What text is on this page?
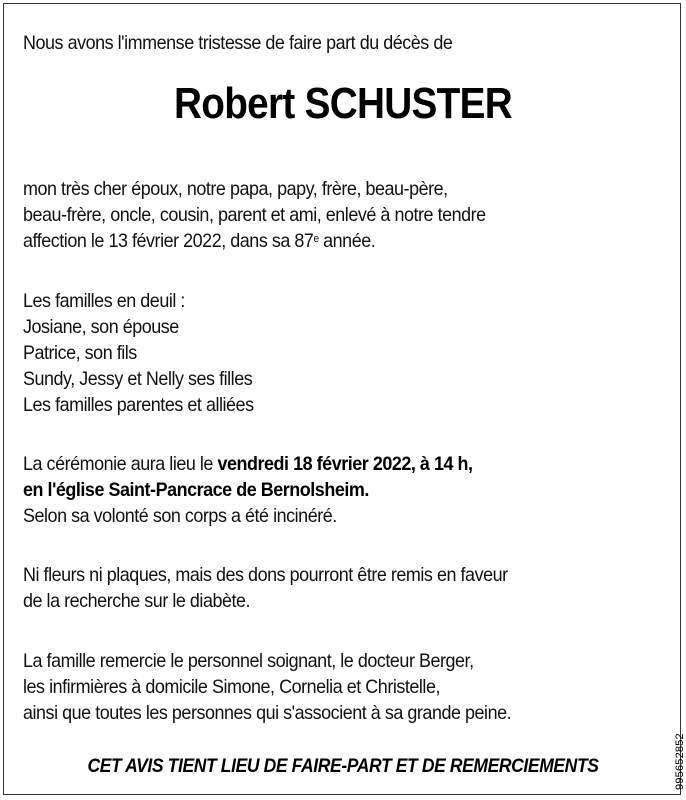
Nous avons l'immense tristesse de faire part du décès de
Robert SCHUSTER
mon très cher époux, notre papa, papy, frère, beau-père,
beau-frère, oncle, cousin, parent et ami, enlevé à notre tendre
affection le 13 février 2022, dans sa 87e année.
Les familles en deuil :
Josiane, son épouse
Patrice, son fils
Sundy, Jessy et Nelly ses filles
Les familles parentes et alliées
La cérémonie aura lieu le vendredi 18 février 2022, à 14 h,
en l'église Saint-Pancrace de Bernolsheim.
Selon sa volonté son corps a été incinéré.
Ni fleurs ni plaques, mais des dons pourront être remis en faveur
de la recherche sur le diabète.
La famille remercie le personnel soignant, le docteur Berger,
les infirmières à domicile Simone, Cornelia et Christelle,
ainsi que toutes les personnes qui s'associent à sa grande peine.
CET AVIS TIENT LIEU DE FAIRE-PART ET DE REMERCIEMENTS	995652852
